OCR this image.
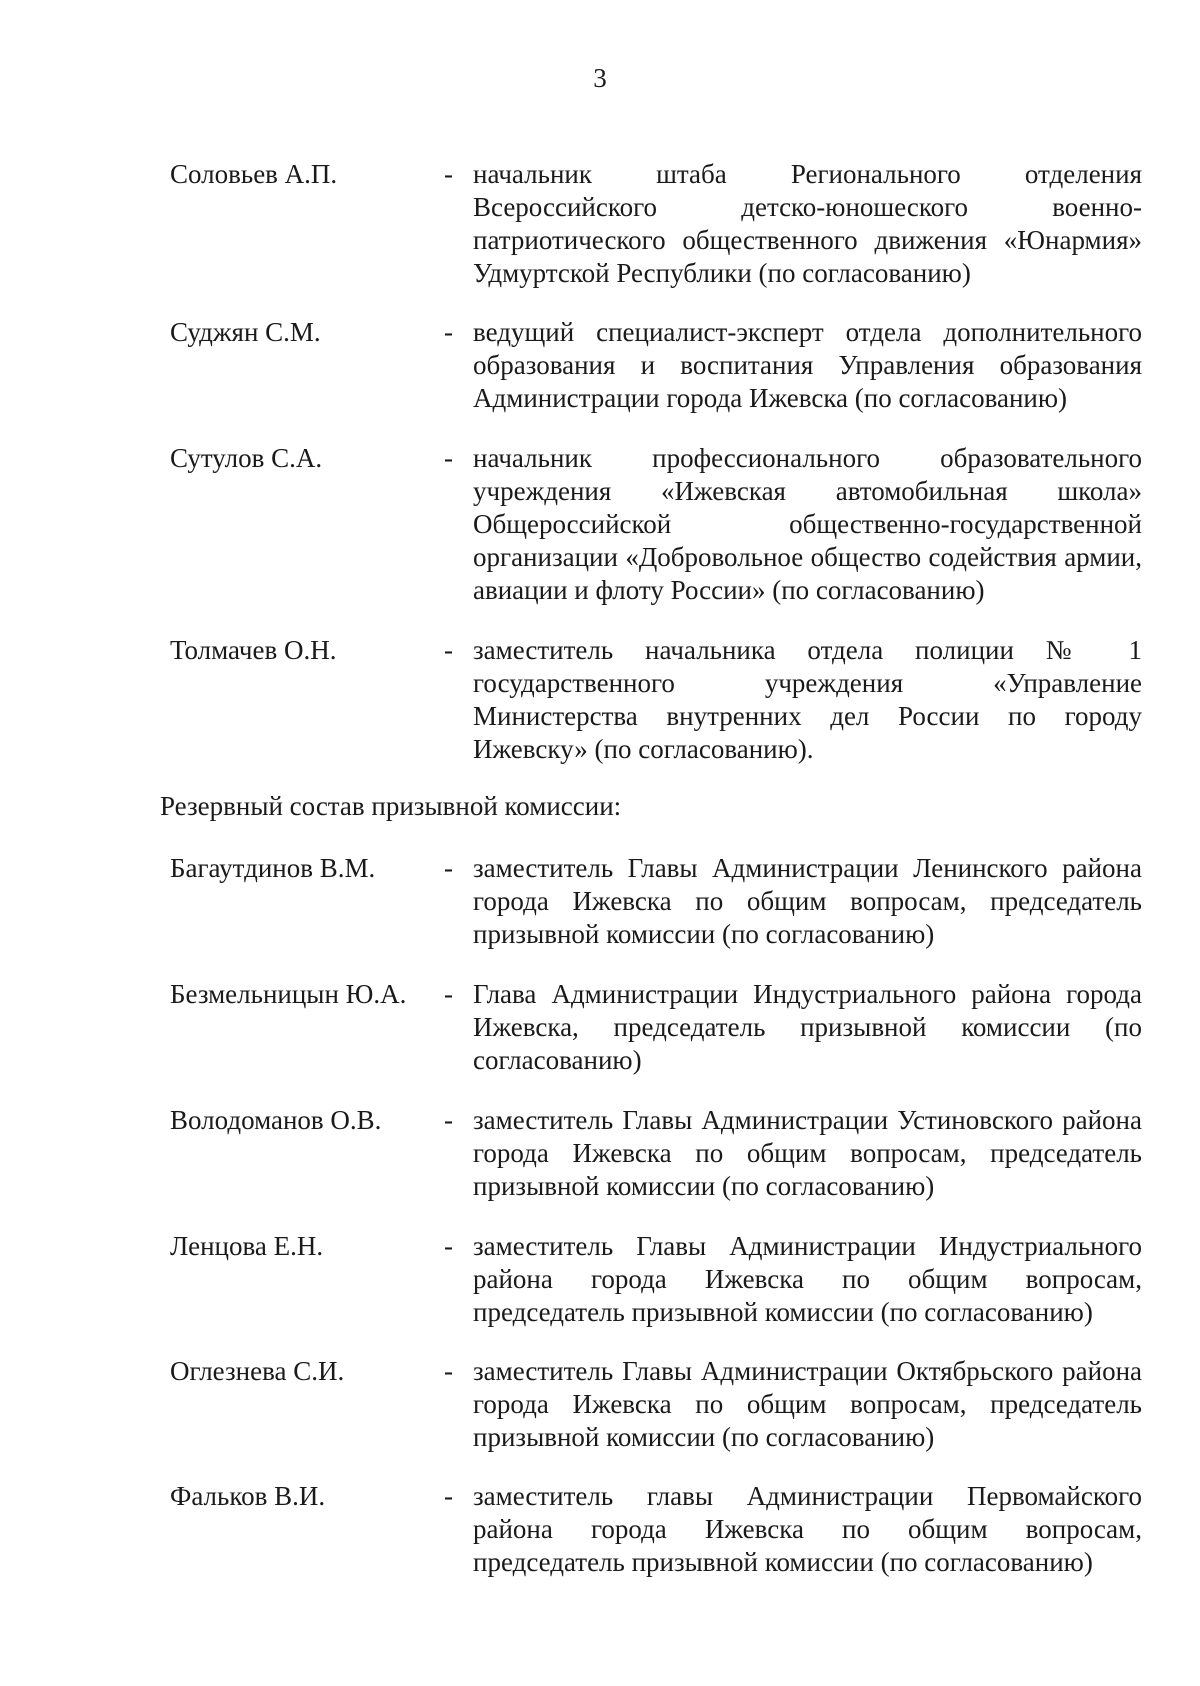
3
Соловьев А.П.	- начальник штаба Регионального отделения Всероссийского детско-юношеского военно-патриотического общественного движения «Юнармия» Удмуртской Республики (по согласованию)
Суджян С.М.	- ведущий специалист-эксперт отдела дополнительного образования и воспитания Управления образования Администрации города Ижевска (по согласованию)
Сутулов С.А.	- начальник профессионального образовательного учреждения «Ижевская автомобильная школа» Общероссийской общественно-государственной организации «Добровольное общество содействия армии, авиации и флоту России» (по согласованию)
Толмачев О.Н.	- заместитель начальника отдела полиции № 1 государственного учреждения «Управление Министерства внутренних дел России по городу Ижевску» (по согласованию).
Резервный состав призывной комиссии:
Багаутдинов В.М.	- заместитель Главы Администрации Ленинского района города Ижевска по общим вопросам, председатель призывной комиссии (по согласованию)
Безмельницын Ю.А. - Глава Администрации Индустриального района города Ижевска, председатель призывной комиссии (по согласованию)
Володоманов О.В. - заместитель Главы Администрации Устиновского района города Ижевска по общим вопросам, председатель призывной комиссии (по согласованию)
Ленцова Е.Н.	- заместитель Главы Администрации Индустриального района города Ижевска по общим вопросам, председатель призывной комиссии (по согласованию)
Оглезнева С.И.	- заместитель Главы Администрации Октябрьского района города Ижевска по общим вопросам, председатель призывной комиссии (по согласованию)
Фальков В.И.	- заместитель главы Администрации Первомайского района города Ижевска по общим вопросам, председатель призывной комиссии (по согласованию)
